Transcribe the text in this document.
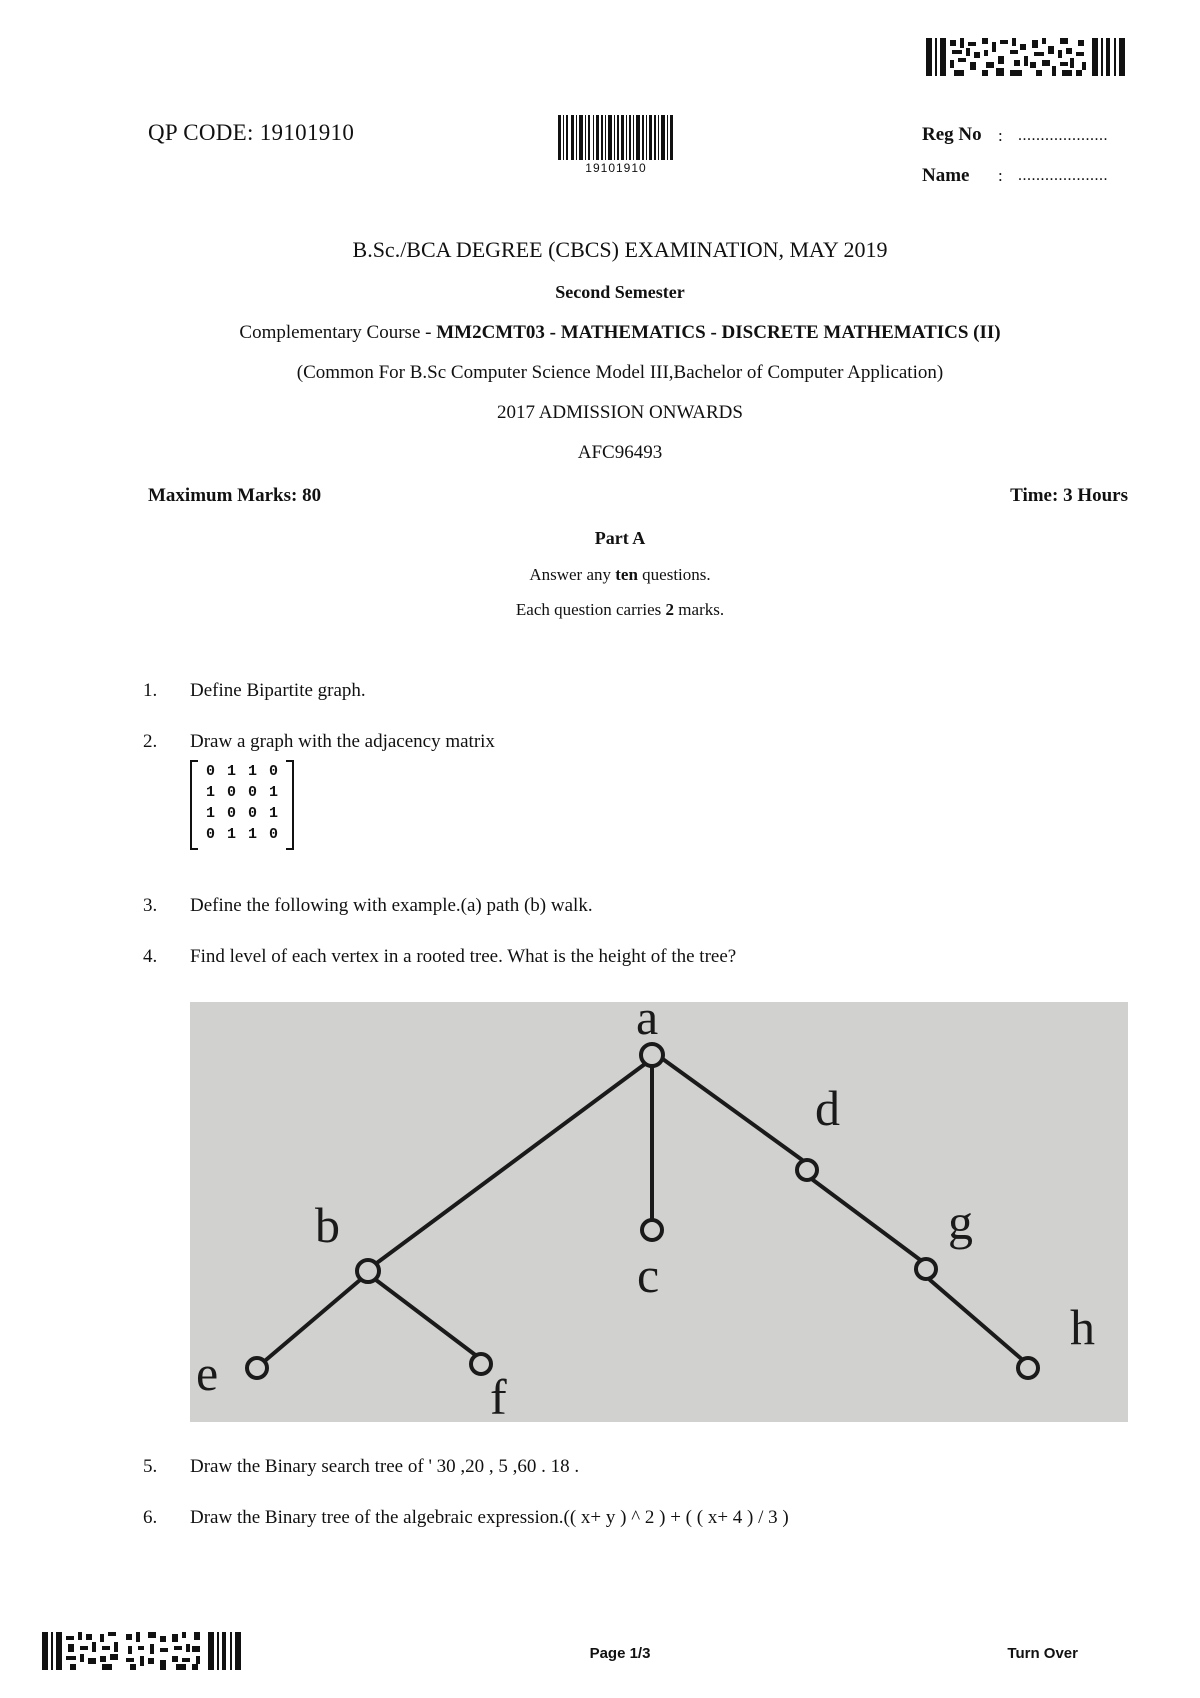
QP CODE: 19101910
19101910
Reg No : ....................
Name : ....................
B.Sc./BCA DEGREE (CBCS) EXAMINATION, MAY 2019
Second Semester
Complementary Course - MM2CMT03 - MATHEMATICS - DISCRETE MATHEMATICS (II)
(Common For B.Sc Computer Science Model III,Bachelor of Computer Application)
2017 ADMISSION ONWARDS
AFC96493
Maximum Marks: 80	Time: 3 Hours
Part A
Answer any ten questions.
Each question carries 2 marks.
1. Define Bipartite graph.
2. Draw a graph with the adjacency matrix
0 1 1 0
1 0 0 1
1 0 0 1
0 1 1 0
3. Define the following with example.(a) path (b) walk.
4. Find level of each vertex in a rooted tree. What is the height of the tree?
a
b
c
d
e	f
g
h
5. Draw the Binary search tree of ' 30 ,20 , 5 ,60 . 18 .
6. Draw the Binary tree of the algebraic expression.(( x+ y ) ^ 2 ) + ( ( x+ 4 ) / 3 )
Page 1/3	Turn Over
